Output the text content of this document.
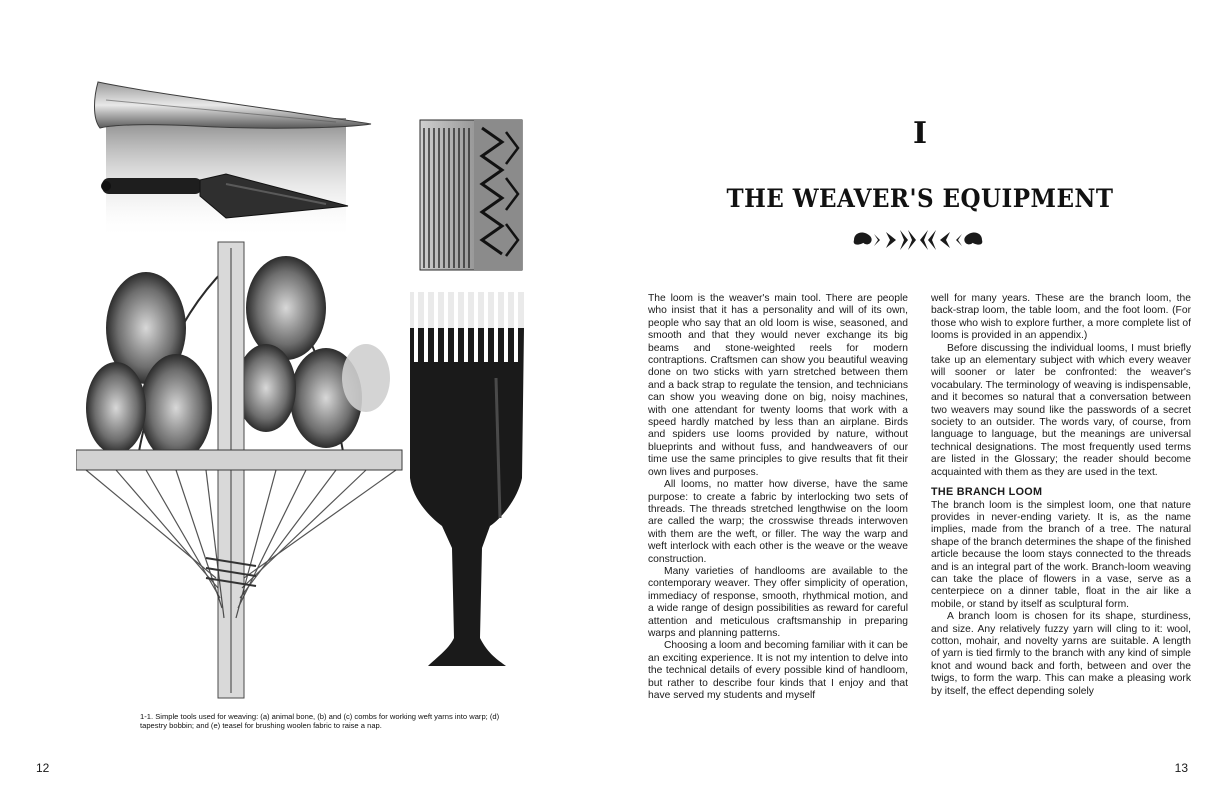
1-1. Simple tools used for weaving: (a) animal bone, (b) and (c) combs for working weft yarns into warp; (d) tapestry bobbin; and (e) teasel for brushing woolen fabric to raise a nap.
12
I
THE WEAVER'S EQUIPMENT

The loom is the weaver's main tool. There are people who insist that it has a personality and will of its own, people who say that an old loom is wise, seasoned, and smooth and that they would never exchange its big beams and stone-weighted reels for modern contraptions. Craftsmen can show you beautiful weaving done on two sticks with yarn stretched between them and a back strap to regulate the tension, and technicians can show you weaving done on big, noisy machines, with one attendant for twenty looms that work with a speed hardly matched by less than an airplane. Birds and spiders use looms provided by nature, without blueprints and without fuss, and handweavers of our time use the same principles to give results that fit their own lives and purposes.

All looms, no matter how diverse, have the same purpose: to create a fabric by interlocking two sets of threads. The threads stretched lengthwise on the loom are called the warp; the crosswise threads interwoven with them are the weft, or filler. The way the warp and weft interlock with each other is the weave or the weave construction.

Many varieties of handlooms are available to the contemporary weaver. They offer simplicity of operation, immediacy of response, smooth, rhythmical motion, and a wide range of design possibilities as reward for careful attention and meticulous craftsmanship in preparing warps and planning patterns.

Choosing a loom and becoming familiar with it can be an exciting experience. It is not my intention to delve into the technical details of every possible kind of handloom, but rather to describe four kinds that I enjoy and that have served my students and myself

well for many years. These are the branch loom, the back-strap loom, the table loom, and the foot loom. (For those who wish to explore further, a more complete list of looms is provided in an appendix.)

Before discussing the individual looms, I must briefly take up an elementary subject with which every weaver will sooner or later be confronted: the weaver's vocabulary. The terminology of weaving is indispensable, and it becomes so natural that a conversation between two weavers may sound like the passwords of a secret society to an outsider. The words vary, of course, from language to language, but the meanings are universal technical designations. The most frequently used terms are listed in the Glossary; the reader should become acquainted with them as they are used in the text.

THE BRANCH LOOM

The branch loom is the simplest loom, one that nature provides in never-ending variety. It is, as the name implies, made from the branch of a tree. The natural shape of the branch determines the shape of the finished article because the loom stays connected to the threads and is an integral part of the work. Branch-loom weaving can take the place of flowers in a vase, serve as a centerpiece on a dinner table, float in the air like a mobile, or stand by itself as sculptural form.

A branch loom is chosen for its shape, sturdiness, and size. Any relatively fuzzy yarn will cling to it: wool, cotton, mohair, and novelty yarns are suitable. A length of yarn is tied firmly to the branch with any kind of simple knot and wound back and forth, between and over the twigs, to form the warp. This can make a pleasing work by itself, the effect depending solely

13
